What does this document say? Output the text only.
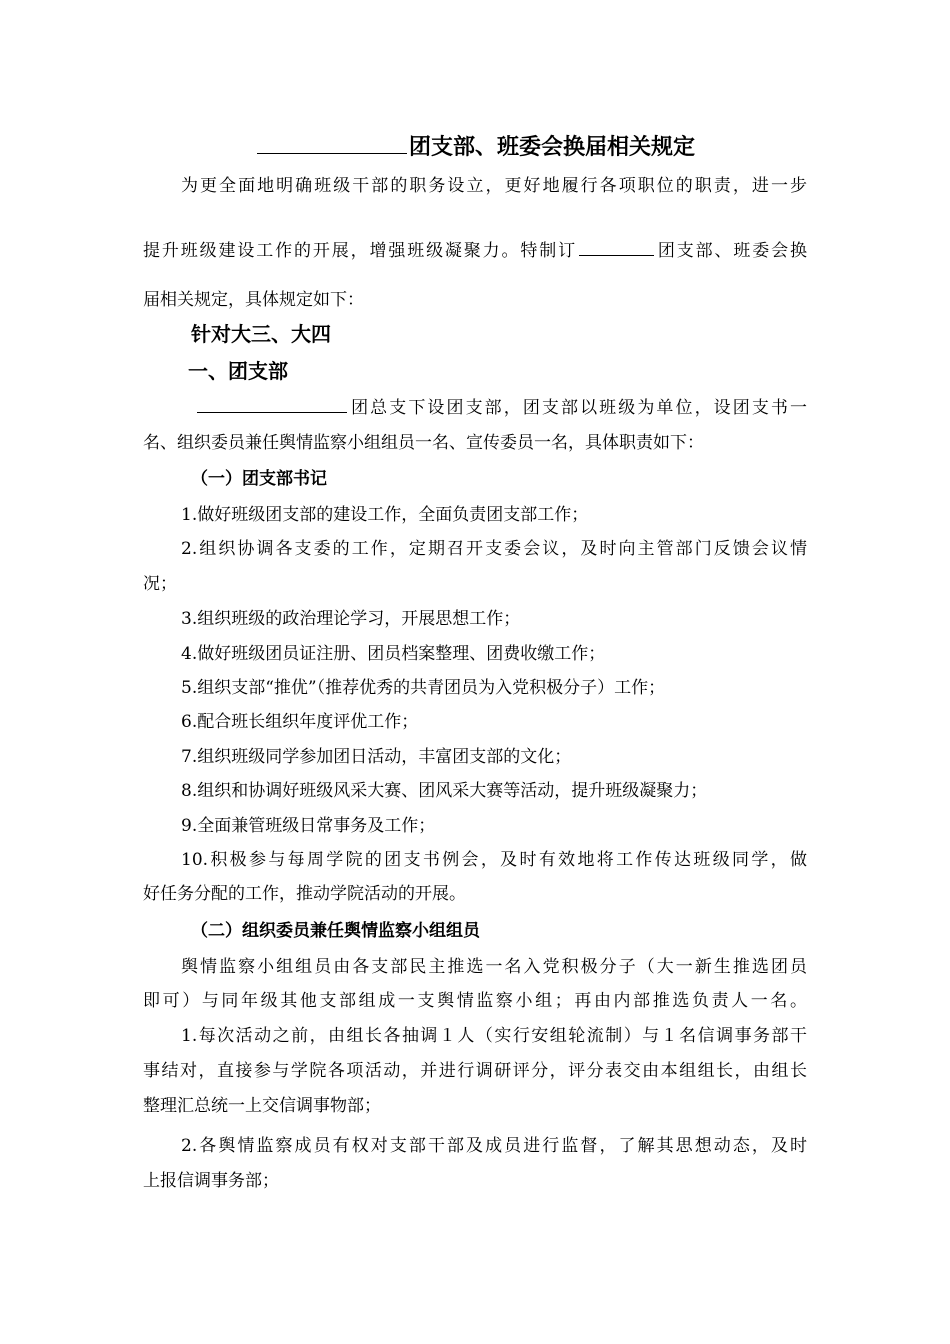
团支部、班委会换届相关规定
为更全面地明确班级干部的职务设立，更好地履行各项职位的职责，进一步
提升班级建设工作的开展，增强班级凝聚力。特制订	团支部、班委会换
届相关规定，具体规定如下：
针对大三、大四
一、团支部
团总支下设团支部，团支部以班级为单位，设团支书一
名、组织委员兼任舆情监察小组组员一名、宣传委员一名，具体职责如下：
（一）团支部书记
1.做好班级团支部的建设工作，全面负责团支部工作；
2.组织协调各支委的工作，定期召开支委会议，及时向主管部门反馈会议情
况；
3.组织班级的政治理论学习，开展思想工作；
4.做好班级团员证注册、团员档案整理、团费收缴工作；
5.组织支部“推优”（推荐优秀的共青团员为入党积极分子）工作；
6.配合班长组织年度评优工作；
7.组织班级同学参加团日活动，丰富团支部的文化；
8.组织和协调好班级风采大赛、团风采大赛等活动，提升班级凝聚力；
9.全面兼管班级日常事务及工作；
10.积极参与每周学院的团支书例会，及时有效地将工作传达班级同学，做
好任务分配的工作，推动学院活动的开展。
（二）组织委员兼任舆情监察小组组员
舆情监察小组组员由各支部民主推选一名入党积极分子（大一新生推选团员
即可）与同年级其他支部组成一支舆情监察小组；再由内部推选负责人一名。
1.每次活动之前，由组长各抽调１人（实行安组轮流制）与１名信调事务部干
事结对，直接参与学院各项活动，并进行调研评分，评分表交由本组组长，由组长
整理汇总统一上交信调事物部；
2.各舆情监察成员有权对支部干部及成员进行监督，了解其思想动态，及时
上报信调事务部；
